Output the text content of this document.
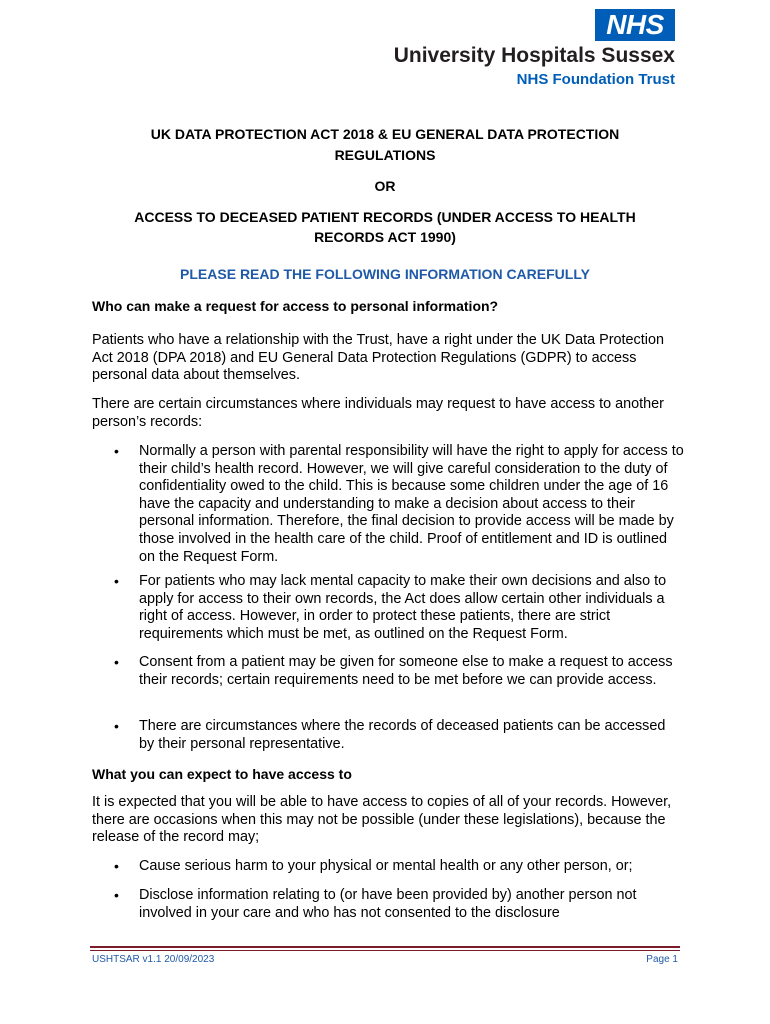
NHS
University Hospitals Sussex
NHS Foundation Trust
UK DATA PROTECTION ACT 2018 & EU GENERAL DATA PROTECTION
REGULATIONS
OR
ACCESS TO DECEASED PATIENT RECORDS (UNDER ACCESS TO HEALTH
RECORDS ACT 1990)
PLEASE READ THE FOLLOWING INFORMATION CAREFULLY
Who can make a request for access to personal information?
Patients who have a relationship with the Trust, have a right under the UK Data Protection Act 2018 (DPA 2018) and EU General Data Protection Regulations (GDPR) to access personal data about themselves.
There are certain circumstances where individuals may request to have access to another person’s records:
• Normally a person with parental responsibility will have the right to apply for access to their child’s health record. However, we will give careful consideration to the duty of confidentiality owed to the child. This is because some children under the age of 16 have the capacity and understanding to make a decision about access to their personal information. Therefore, the final decision to provide access will be made by those involved in the health care of the child. Proof of entitlement and ID is outlined on the Request Form.
• For patients who may lack mental capacity to make their own decisions and also to apply for access to their own records, the Act does allow certain other individuals a right of access. However, in order to protect these patients, there are strict requirements which must be met, as outlined on the Request Form.
• Consent from a patient may be given for someone else to make a request to access their records; certain requirements need to be met before we can provide access.
• There are circumstances where the records of deceased patients can be accessed by their personal representative.
What you can expect to have access to
It is expected that you will be able to have access to copies of all of your records. However, there are occasions when this may not be possible (under these legislations), because the release of the record may;
• Cause serious harm to your physical or mental health or any other person, or;
• Disclose information relating to (or have been provided by) another person not involved in your care and who has not consented to the disclosure
USHTSAR v1.1 20/09/2023	Page 1
